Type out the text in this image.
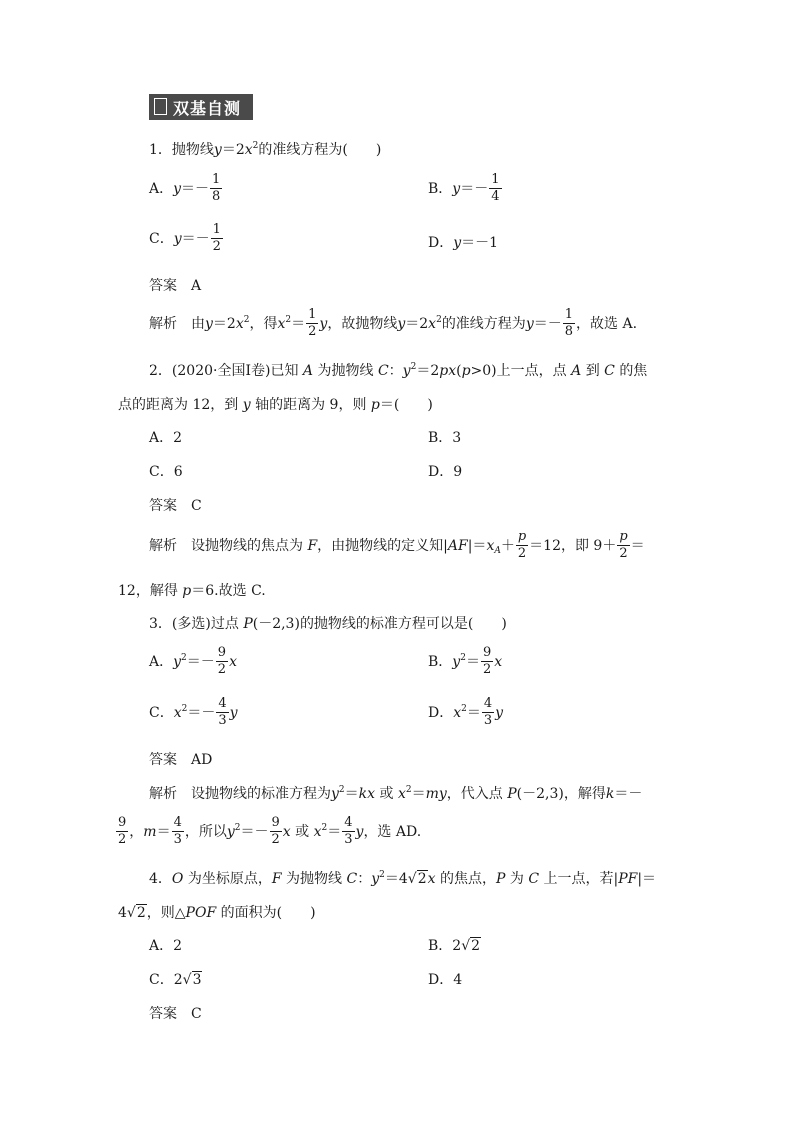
双基自测
1．抛物线$y=2x^2$的准线方程为(　　)
A．$y=- \frac{1}{8}$	B．$y=- \frac{1}{4}$
C．$y=- \frac{1}{2}$	D．y＝－1
答案　 A
解析　 由$y=2x^2$，得$x^2= \frac{1}{2}$ y，故抛物线$y=2x^2$的准线方程为$y=- \frac{1}{8}$ ，故选 A.
2．(2020·全国Ⅰ卷)已知 A 为抛物线 C：$y^2=2px(p>0)$上一点，点 A 到 C 的焦
点的距离为 12，到 y 轴的距离为 9，则 p＝(　　)
A．2	B．3
C．6	D．9
答案　 C
解析　 设抛物线的焦点为 F，由抛物线的定义知$|AF|=x_A+ \frac{p}{2} =12$，即 $9+ \frac{p}{2}$ ＝
12，解得 p＝6.故选 C.
3．(多选)过点 P(－2,3)的抛物线的标准方程可以是(　　)
A．$y^2=- \frac{9}{2}$ x	B．$y^2= \frac{9}{2}$ x
C．$x^2=- \frac{4}{3}$ y	D．$x^2= \frac{4}{3}$ y
答案　 AD
解析　 设抛物线的标准方程为$y^2=kx$ 或 $x^2=my$，代入点 P(－2,3)，解得k＝－
$\frac{9}{2}$ ，$m= \frac{4}{3}$ ，所以$y^2=- \frac{9}{2}$ x 或 $x^2= \frac{4}{3}$ y，选 AD.
4．O 为坐标原点，F 为抛物线 C：$y^2=4√2x$ 的焦点，P 为 C 上一点，若|PF|＝
4√2，则△POF 的面积为(　　)
A．2	B．2√2
C．2√3	D．4
答案　 C
